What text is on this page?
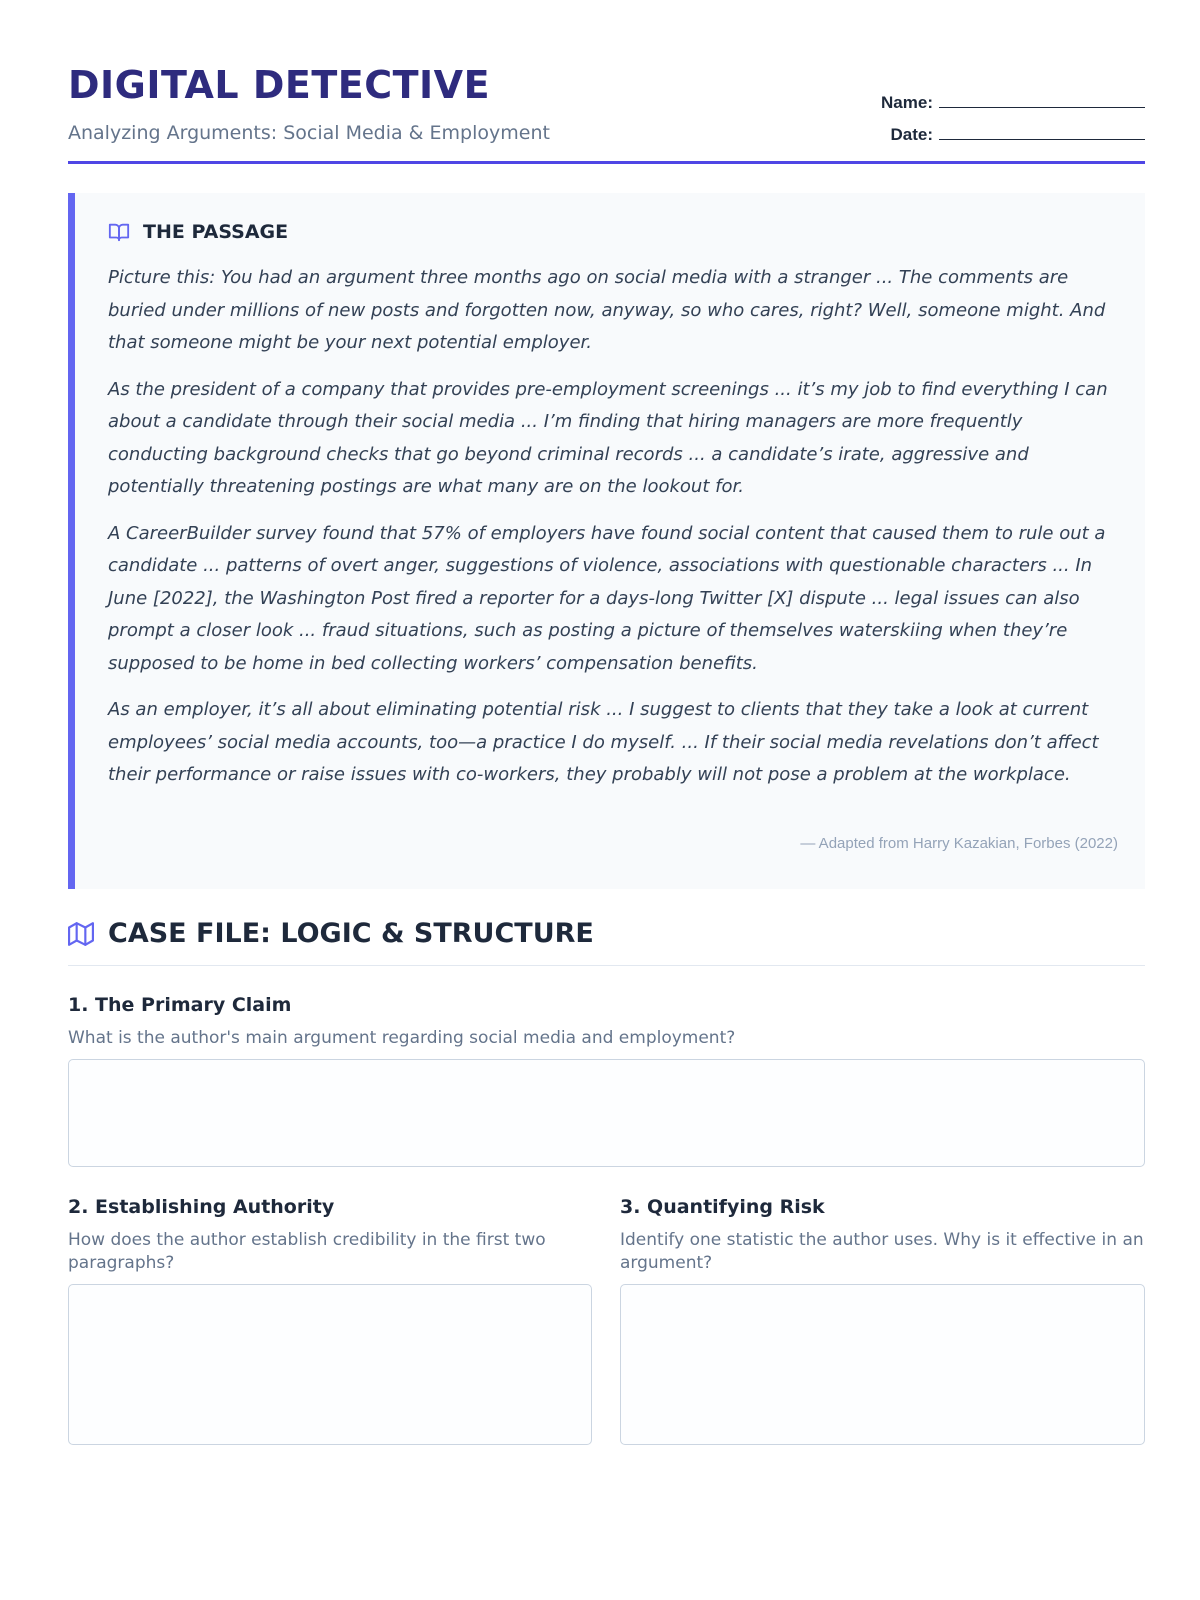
DIGITAL DETECTIVE
Analyzing Arguments: Social Media & Employment
Name:
Date:
THE PASSAGE

Picture this: You had an argument three months ago on social media with a stranger ... The comments are buried under millions of new posts and forgotten now, anyway, so who cares, right? Well, someone might. And that someone might be your next potential employer.

As the president of a company that provides pre-employment screenings ... it’s my job to find everything I can about a candidate through their social media ... I’m finding that hiring managers are more frequently conducting background checks that go beyond criminal records ... a candidate’s irate, aggressive and potentially threatening postings are what many are on the lookout for.

A CareerBuilder survey found that 57% of employers have found social content that caused them to rule out a candidate ... patterns of overt anger, suggestions of violence, associations with questionable characters ... In June [2022], the Washington Post fired a reporter for a days-long Twitter [X] dispute ... legal issues can also prompt a closer look ... fraud situations, such as posting a picture of themselves waterskiing when they’re supposed to be home in bed collecting workers’ compensation benefits.

As an employer, it’s all about eliminating potential risk ... I suggest to clients that they take a look at current employees’ social media accounts, too—a practice I do myself. ... If their social media revelations don’t affect their performance or raise issues with co-workers, they probably will not pose a problem at the workplace.

— Adapted from Harry Kazakian, Forbes (2022)
CASE FILE: LOGIC & STRUCTURE
1. The Primary Claim
What is the author's main argument regarding social media and employment?
2. Establishing Authority
How does the author establish credibility in the first two paragraphs?
3. Quantifying Risk
Identify one statistic the author uses. Why is it effective in an argument?
